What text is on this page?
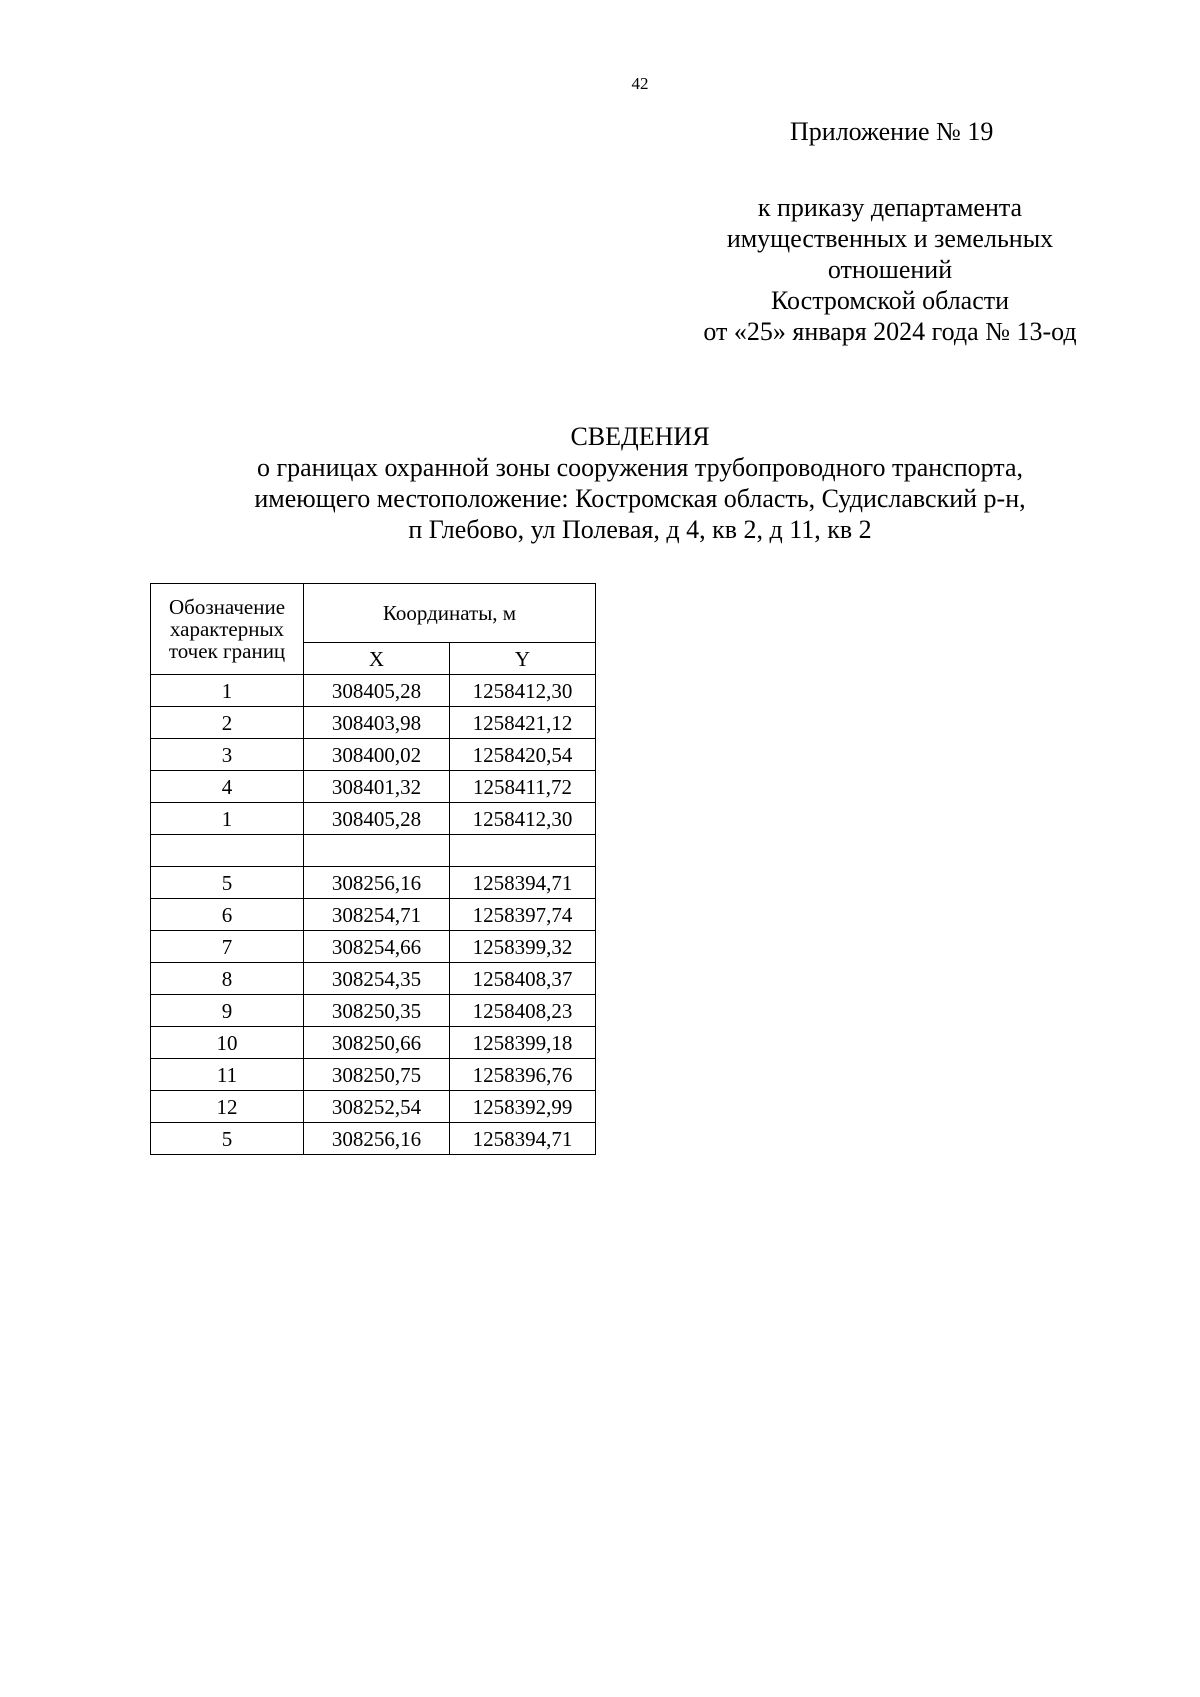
42
Приложение № 19
к приказу департамента
имущественных и земельных
отношений
Костромской области
от «25» января 2024 года № 13-од
СВЕДЕНИЯ
о границах охранной зоны сооружения трубопроводного транспорта,
имеющего местоположение: Костромская область, Судиславский р-н,
п Глебово, ул Полевая, д 4, кв 2, д 11, кв 2
Обозначение характерных точек границ	Координаты, м	
	X	Y
1	308405,28	1258412,30
2	308403,98	1258421,12
3	308400,02	1258420,54
4	308401,32	1258411,72
1	308405,28	1258412,30

5	308256,16	1258394,71
6	308254,71	1258397,74
7	308254,66	1258399,32
8	308254,35	1258408,37
9	308250,35	1258408,23
10	308250,66	1258399,18
11	308250,75	1258396,76
12	308252,54	1258392,99
5	308256,16	1258394,71
